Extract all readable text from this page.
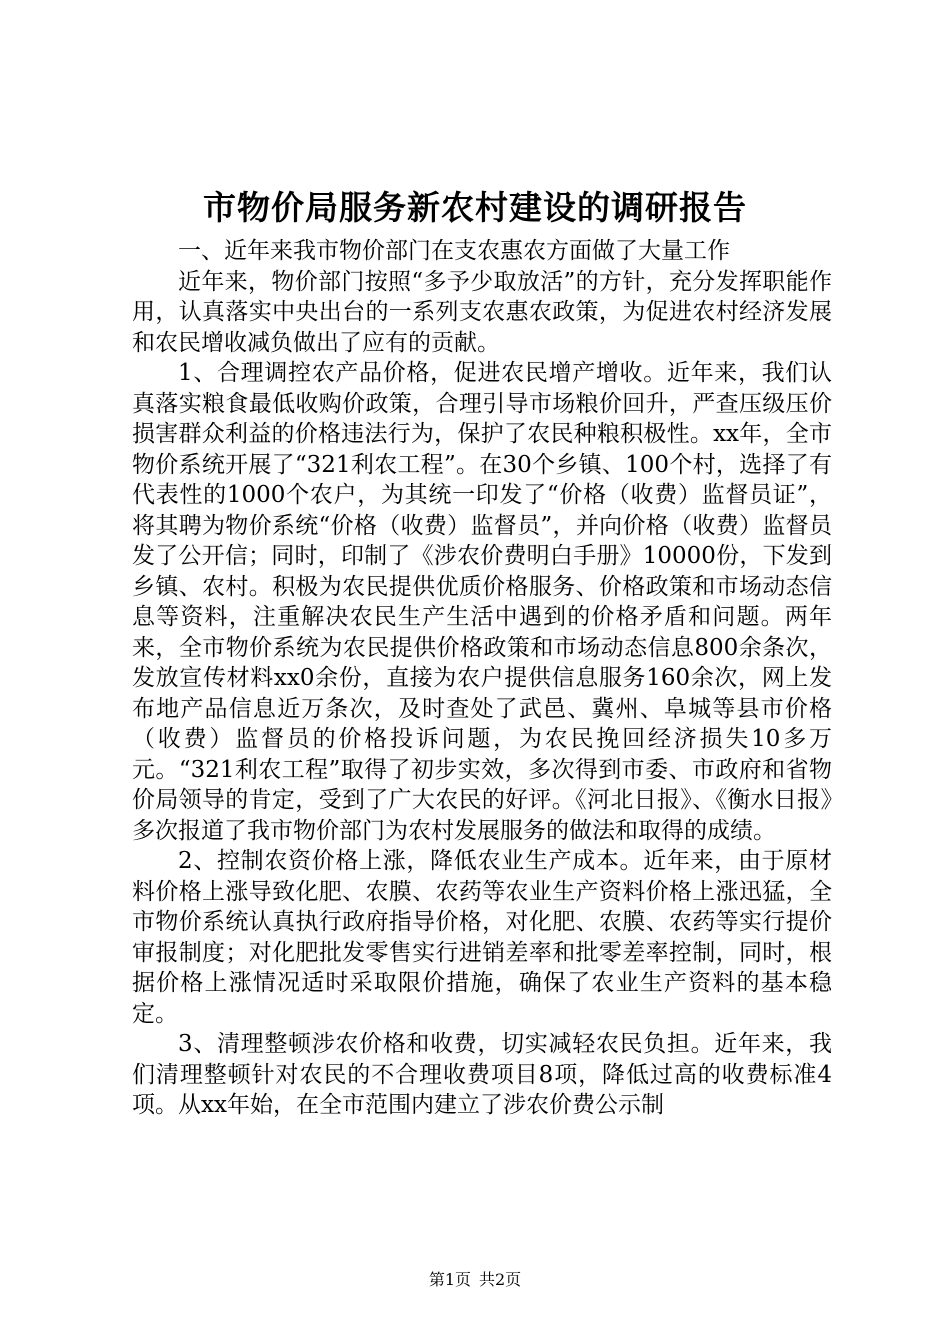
市物价局服务新农村建设的调研报告

一、近年来我市物价部门在支农惠农方面做了大量工作

近年来，物价部门按照“多予少取放活”的方针，充分发挥职能作用，认真落实中央出台的一系列支农惠农政策，为促进农村经济发展和农民增收减负做出了应有的贡献。

1、合理调控农产品价格，促进农民增产增收。近年来，我们认真落实粮食最低收购价政策，合理引导市场粮价回升，严查压级压价损害群众利益的价格违法行为，保护了农民种粮积极性。xx年，全市物价系统开展了“321利农工程”。在30个乡镇、100个村，选择了有代表性的1000个农户，为其统一印发了“价格（收费）监督员证”，将其聘为物价系统“价格（收费）监督员”，并向价格（收费）监督员发了公开信；同时，印制了《涉农价费明白手册》10000份，下发到乡镇、农村。积极为农民提供优质价格服务、价格政策和市场动态信息等资料，注重解决农民生产生活中遇到的价格矛盾和问题。两年来，全市物价系统为农民提供价格政策和市场动态信息800余条次，发放宣传材料xx0余份，直接为农户提供信息服务160余次，网上发布地产品信息近万条次，及时查处了武邑、冀州、阜城等县市价格（收费）监督员的价格投诉问题，为农民挽回经济损失10多万元。“321利农工程”取得了初步实效，多次得到市委、市政府和省物价局领导的肯定，受到了广大农民的好评。《河北日报》、《衡水日报》多次报道了我市物价部门为农村发展服务的做法和取得的成绩。

2、控制农资价格上涨，降低农业生产成本。近年来，由于原材料价格上涨导致化肥、农膜、农药等农业生产资料价格上涨迅猛，全市物价系统认真执行政府指导价格，对化肥、农膜、农药等实行提价审报制度；对化肥批发零售实行进销差率和批零差率控制，同时，根据价格上涨情况适时采取限价措施，确保了农业生产资料的基本稳定。

3、清理整顿涉农价格和收费，切实减轻农民负担。近年来，我们清理整顿针对农民的不合理收费项目8项，降低过高的收费标准4项。从xx年始，在全市范围内建立了涉农价费公示制

第1页 共2页
